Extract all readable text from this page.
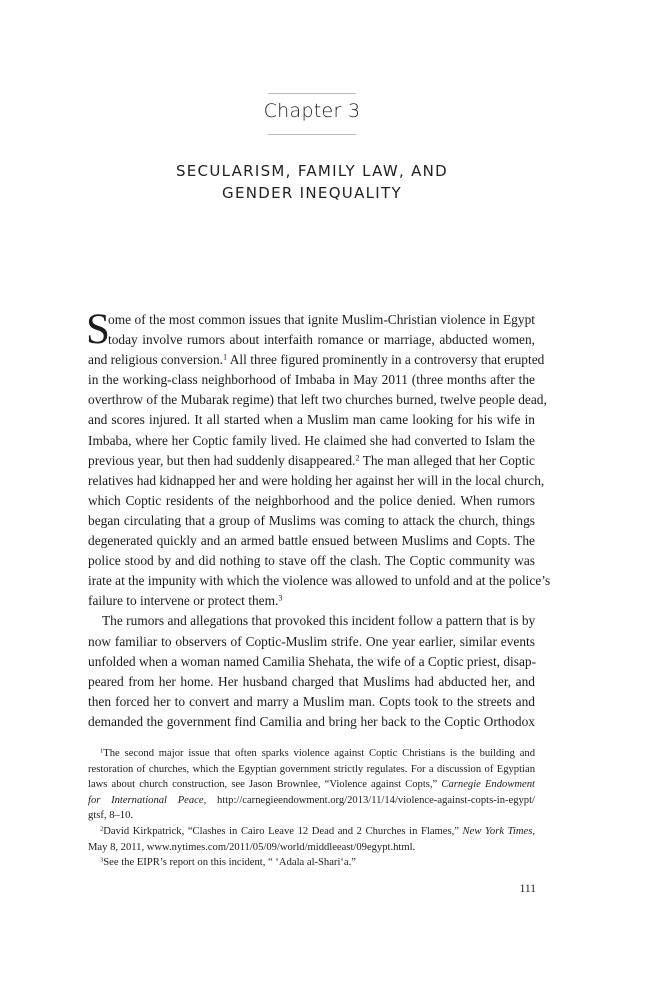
Chapter 3
SECULARISM, FAMILY LAW, AND
GENDER INEQUALITY
S
ome of the most common issues that ignite Muslim-Christian violence in Egypt
today involve rumors about interfaith romance or marriage, abducted women,
and religious conversion.$^1$ All three figured prominently in a controversy that erupted
in the working-class neighborhood of Imbaba in May 2011 (three months after the
overthrow of the Mubarak regime) that left two churches burned, twelve people dead,
and scores injured. It all started when a Muslim man came looking for his wife in
Imbaba, where her Coptic family lived. He claimed she had converted to Islam the
previous year, but then had suddenly disappeared.$^2$ The man alleged that her Coptic
relatives had kidnapped her and were holding her against her will in the local church,
which Coptic residents of the neighborhood and the police denied. When rumors
began circulating that a group of Muslims was coming to attack the church, things
degenerated quickly and an armed battle ensued between Muslims and Copts. The
police stood by and did nothing to stave off the clash. The Coptic community was
irate at the impunity with which the violence was allowed to unfold and at the police’s
failure to intervene or protect them.$^3$
The rumors and allegations that provoked this incident follow a pattern that is by
now familiar to observers of Coptic-Muslim strife. One year earlier, similar events
unfolded when a woman named Camilia Shehata, the wife of a Coptic priest, disap-
peared from her home. Her husband charged that Muslims had abducted her, and
then forced her to convert and marry a Muslim man. Copts took to the streets and
demanded the government find Camilia and bring her back to the Coptic Orthodox
$^1$The second major issue that often sparks violence against Coptic Christians is the building and
restoration of churches, which the Egyptian government strictly regulates. For a discussion of Egyptian
laws about church construction, see Jason Brownlee, “Violence against Copts,” Carnegie Endowment
for International Peace, http://carnegieendowment.org/2013/11/14/violence-against-copts-in-egypt/
gtsf, 8–10.
$^2$David Kirkpatrick, “Clashes in Cairo Leave 12 Dead and 2 Churches in Flames,” New York Times,
May 8, 2011, www.nytimes.com/2011/05/09/world/middleeast/09egypt.html.
$^3$See the EIPR’s report on this incident, “ ‘Adala al-Shari‘a.”
111
